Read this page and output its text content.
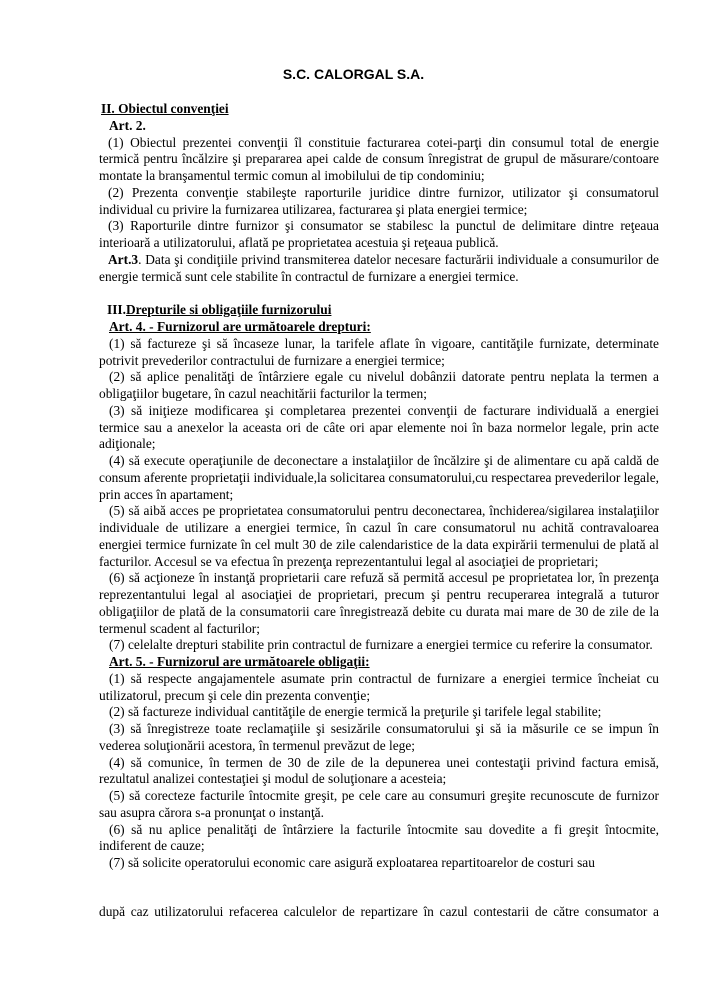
S.C. CALORGAL S.A.
II. Obiectul convenţiei
Art. 2.

(1) Obiectul prezentei convenţii îl constituie facturarea cotei-parţi din consumul total de energie termică pentru încălzire şi prepararea apei calde de consum înregistrat de grupul de măsurare/contoare montate la branşamentul termic comun al imobilului de tip condominiu;

(2) Prezenta convenţie stabileşte raporturile juridice dintre furnizor, utilizator şi consumatorul individual cu privire la furnizarea utilizarea, facturarea şi plata energiei termice;

(3) Raporturile dintre furnizor şi consumator se stabilesc la punctul de delimitare dintre reţeaua interioară a utilizatorului, aflată pe proprietatea acestuia şi reţeaua publică.

Art.3. Data şi condiţiile privind transmiterea datelor necesare facturării individuale a consumurilor de energie termică sunt cele stabilite în contractul de furnizare a energiei termice.

III.Drepturile si obligaţiile furnizorului
Art. 4. - Furnizorul are următoarele drepturi:

(1) să factureze şi să încaseze lunar, la tarifele aflate în vigoare, cantităţile furnizate, determinate potrivit prevederilor contractului de furnizare a energiei termice;

(2) să aplice penalităţi de întârziere egale cu nivelul dobânzii datorate pentru neplata la termen a obligaţiilor bugetare, în cazul neachitării facturilor la termen;

(3) să iniţieze modificarea şi completarea prezentei convenţii de facturare individuală a energiei termice sau a anexelor la aceasta ori de câte ori apar elemente noi în baza normelor legale, prin acte adiţionale;

(4) să execute operaţiunile de deconectare a instalaţiilor de încălzire şi de alimentare cu apă caldă de consum aferente proprietaţii individuale,la solicitarea consumatorului,cu respectarea prevederilor legale, prin acces în apartament;

(5) să aibă acces pe proprietatea consumatorului pentru deconectarea, închiderea/sigilarea instalaţiilor individuale de utilizare a energiei termice, în cazul în care consumatorul nu achită contravaloarea energiei termice furnizate în cel mult 30 de zile calendaristice de la data expirării termenului de plată al facturilor. Accesul se va efectua în prezenţa reprezentantului legal al asociaţiei de proprietari;

(6) să acţioneze în instanţă proprietarii care refuză să permită accesul pe proprietatea lor, în prezenţa reprezentantului legal al asociaţiei de proprietari, precum şi pentru recuperarea integrală a tuturor obligaţiilor de plată de la consumatorii care înregistrează debite cu durata mai mare de 30 de zile de la termenul scadent al facturilor;

(7) celelalte drepturi stabilite prin contractul de furnizare a energiei termice cu referire la consumator.

Art. 5. - Furnizorul are următoarele obligaţii:

(1) să respecte angajamentele asumate prin contractul de furnizare a energiei termice încheiat cu utilizatorul, precum şi cele din prezenta convenţie;

(2) să factureze individual cantităţile de energie termică la preţurile şi tarifele legal stabilite;

(3) să înregistreze toate reclamaţiile şi sesizările consumatorului şi să ia măsurile ce se impun în vederea soluţionării acestora, în termenul prevăzut de lege;

(4) să comunice, în termen de 30 de zile de la depunerea unei contestaţii privind factura emisă, rezultatul analizei contestaţiei şi modul de soluţionare a acesteia;

(5) să corecteze facturile întocmite greşit, pe cele care au consumuri greşite recunoscute de furnizor sau asupra cărora s-a pronunţat o instanţă.

(6) să nu aplice penalităţi de întârziere la facturile întocmite sau dovedite a fi greşit întocmite, indiferent de cauze;

(7) să solicite operatorului economic care asigură exploatarea repartitoarelor de costuri sau

după caz utilizatorului refacerea calculelor de repartizare în cazul contestarii de către consumator a
